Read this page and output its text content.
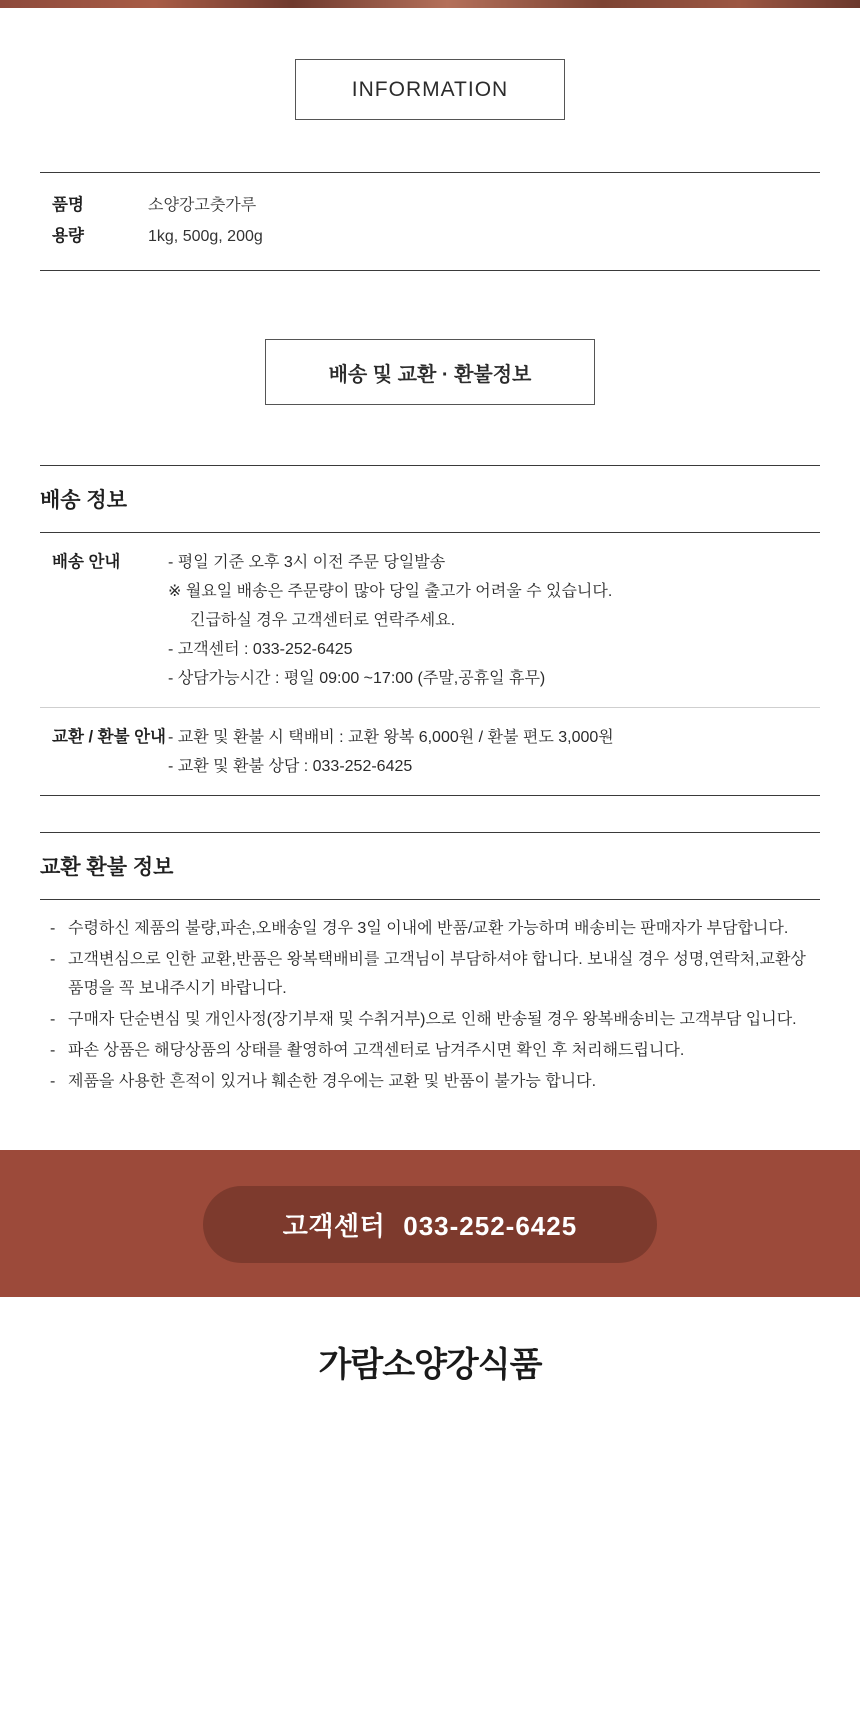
INFORMATION
품명	소양강고춧가루
용량	1kg, 500g, 200g
배송 및 교환 · 환불정보
배송 정보
배송 안내	- 평일 기준 오후 3시 이전 주문 당일발송
※ 월요일 배송은 주문량이 많아 당일 출고가 어려울 수 있습니다.
긴급하실 경우 고객센터로 연락주세요.
- 고객센터 : 033-252-6425
- 상담가능시간 : 평일 09:00 ~17:00 (주말,공휴일 휴무)
교환 / 환불 안내 - 교환 및 환불 시 택배비 : 교환 왕복 6,000원 / 환불 편도 3,000원
- 교환 및 환불 상담 : 033-252-6425
교환 환불 정보
- 수령하신 제품의 불량,파손,오배송일 경우 3일 이내에 반품/교환 가능하며 배송비는 판매자가 부담합니다.
- 고객변심으로 인한 교환,반품은 왕복택배비를 고객님이 부담하셔야 합니다. 보내실 경우 성명,연락처,교환상품명을 꼭 보내주시기 바랍니다.
- 구매자 단순변심 및 개인사정(장기부재 및 수취거부)으로 인해 반송될 경우 왕복배송비는 고객부담 입니다.
- 파손 상품은 해당상품의 상태를 촬영하여 고객센터로 남겨주시면 확인 후 처리해드립니다.
- 제품을 사용한 흔적이 있거나 훼손한 경우에는 교환 및 반품이 불가능 합니다.
고객센터 033-252-6425
가람소양강식품
